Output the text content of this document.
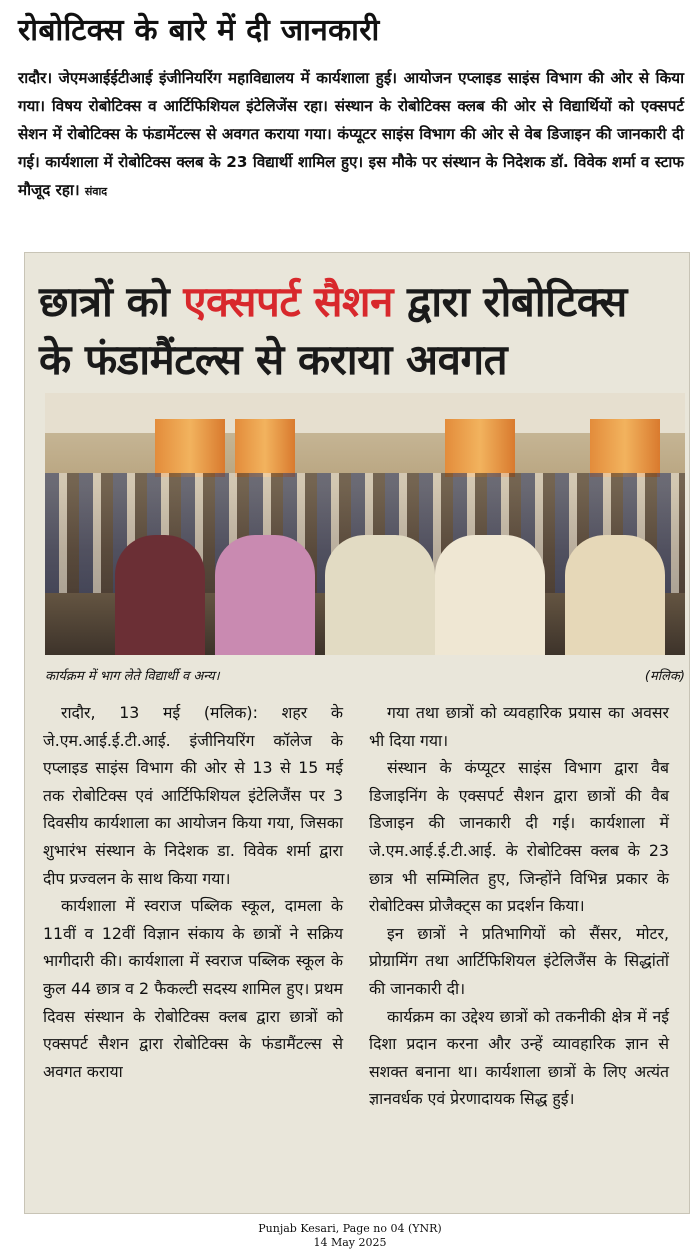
रोबोटिक्स के बारे में दी जानकारी
रादौर। जेएमआईईटीआई इंजीनियरिंग महाविद्यालय में कार्यशाला हुई। आयोजन एप्लाइड साइंस विभाग की ओर से किया गया। विषय रोबोटिक्स व आर्टिफिशियल इंटेलिजेंस रहा। संस्थान के रोबोटिक्स क्लब की ओर से विद्यार्थियों को एक्सपर्ट सेशन में रोबोटिक्स के फंडामेंटल्स से अवगत कराया गया। कंप्यूटर साइंस विभाग की ओर से वेब डिजाइन की जानकारी दी गई। कार्यशाला में रोबोटिक्स क्लब के 23 विद्यार्थी शामिल हुए। इस मौके पर संस्थान के निदेशक डॉ. विवेक शर्मा व स्टाफ मौजूद रहा। संवाद
छात्रों को एक्सपर्ट सैशन द्वारा रोबोटिक्स
के फंडामैंटल्स से कराया अवगत
कार्यक्रम में भाग लेते विद्यार्थी व अन्य।	(मलिक)

रादौर, 13 मई (मलिक): शहर के जे.एम.आई.ई.टी.आई. इंजीनियरिंग कॉलेज के एप्लाइड साइंस विभाग की ओर से 13 से 15 मई तक रोबोटिक्स एवं आर्टिफिशियल इंटेलिजैंस पर 3 दिवसीय कार्यशाला का आयोजन किया गया, जिसका शुभारंभ संस्थान के निदेशक डा. विवेक शर्मा द्वारा दीप प्रज्वलन के साथ किया गया।

कार्यशाला में स्वराज पब्लिक स्कूल, दामला के 11वीं व 12वीं विज्ञान संकाय के छात्रों ने सक्रिय भागीदारी की। कार्यशाला में स्वराज पब्लिक स्कूल के कुल 44 छात्र व 2 फैकल्टी सदस्य शामिल हुए। प्रथम दिवस संस्थान के रोबोटिक्स क्लब द्वारा छात्रों को एक्सपर्ट सैशन द्वारा रोबोटिक्स के फंडामैंटल्स से अवगत कराया

गया तथा छात्रों को व्यवहारिक प्रयास का अवसर भी दिया गया।

संस्थान के कंप्यूटर साइंस विभाग द्वारा वैब डिजाइनिंग के एक्सपर्ट सैशन द्वारा छात्रों की वैब डिजाइन की जानकारी दी गई। कार्यशाला में जे.एम.आई.ई.टी.आई. के रोबोटिक्स क्लब के 23 छात्र भी सम्मिलित हुए, जिन्होंने विभिन्न प्रकार के रोबोटिक्स प्रोजैक्ट्स का प्रदर्शन किया।

इन छात्रों ने प्रतिभागियों को सैंसर, मोटर, प्रोग्रामिंग तथा आर्टिफिशियल इंटेलिजैंस के सिद्धांतों की जानकारी दी।

कार्यक्रम का उद्देश्य छात्रों को तकनीकी क्षेत्र में नई दिशा प्रदान करना और उन्हें व्यावहारिक ज्ञान से सशक्त बनाना था। कार्यशाला छात्रों के लिए अत्यंत ज्ञानवर्धक एवं प्रेरणादायक सिद्ध हुई।

Punjab Kesari, Page no 04 (YNR)
14 May 2025
